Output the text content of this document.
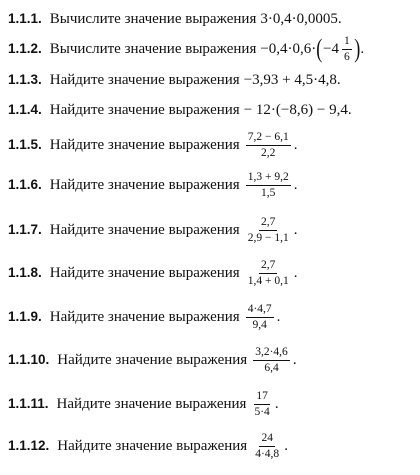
1.1.1. Вычислите значение выражения 3·0,4·0,0005.
1.1.2. Вычислите значение выражения −0,4·0,6· ( − $4 \frac{1}{6}$ ) .
1.1.3. Найдите значение выражения −3,93 + 4,5·4,8.
1.1.4. Найдите значение выражения − 12·(−8,6) − 9,4.
1.1.5. Найдите значение выражения $\frac{7,2 - 6,1}{2,2}$ .
1.1.6. Найдите значение выражения $\frac{1,3 + 9,2}{1,5}$ .
1.1.7. Найдите значение выражения $\frac{2,7}{2,9 - 1,1}$ .
1.1.8. Найдите значение выражения $\frac{2,7}{1,4 + 0,1}$ .
1.1.9. Найдите значение выражения $\frac{4\cdot 4,7}{9,4}$ .
1.1.10. Найдите значение выражения $\frac{3,2\cdot 4,6}{6,4}$ .
1.1.11. Найдите значение выражения $\frac{17}{5\cdot 4}$ .
1.1.12. Найдите значение выражения $\frac{24}{4\cdot 4,8}$ .
